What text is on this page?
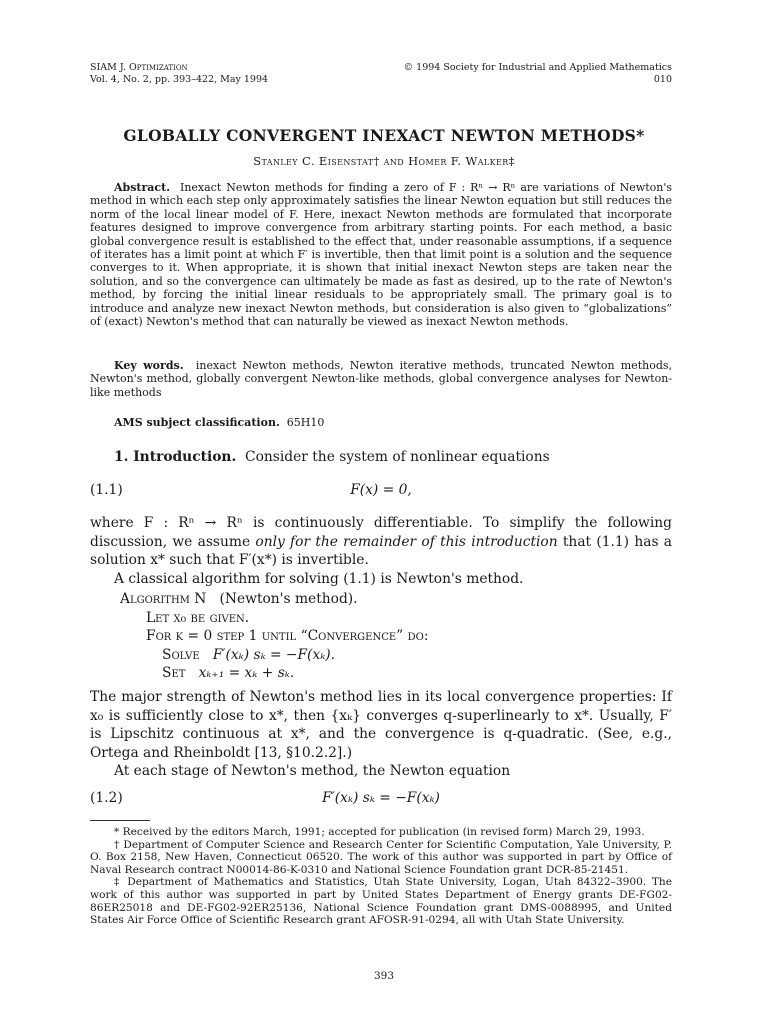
SIAM J. Optimization
Vol. 4, No. 2, pp. 393–422, May 1994
© 1994 Society for Industrial and Applied Mathematics
010
GLOBALLY CONVERGENT INEXACT NEWTON METHODS*
Stanley C. Eisenstat† and Homer F. Walker‡

Abstract. Inexact Newton methods for finding a zero of F : Rⁿ → Rⁿ are variations of Newton's method in which each step only approximately satisfies the linear Newton equation but still reduces the norm of the local linear model of F. Here, inexact Newton methods are formulated that incorporate features designed to improve convergence from arbitrary starting points. For each method, a basic global convergence result is established to the effect that, under reasonable assumptions, if a sequence of iterates has a limit point at which F′ is invertible, then that limit point is a solution and the sequence converges to it. When appropriate, it is shown that initial inexact Newton steps are taken near the solution, and so the convergence can ultimately be made as fast as desired, up to the rate of Newton's method, by forcing the initial linear residuals to be appropriately small. The primary goal is to introduce and analyze new inexact Newton methods, but consideration is also given to “globalizations” of (exact) Newton's method that can naturally be viewed as inexact Newton methods.

Key words. inexact Newton methods, Newton iterative methods, truncated Newton methods, Newton's method, globally convergent Newton-like methods, global convergence analyses for Newton-like methods

AMS subject classification. 65H10

1. Introduction. Consider the system of nonlinear equations

(1.1)	F(x) = 0,

where F : Rⁿ → Rⁿ is continuously differentiable. To simplify the following discussion, we assume only for the remainder of this introduction that (1.1) has a solution x* such that F′(x*) is invertible.

A classical algorithm for solving (1.1) is Newton's method.

Algorithm N (Newton's method).
Let x₀ be given.
For k = 0 step 1 until “Convergence” do:
Solve F′(xₖ) sₖ = −F(xₖ).
Set xₖ₊₁ = xₖ + sₖ.

The major strength of Newton's method lies in its local convergence properties: If x₀ is sufficiently close to x*, then {xₖ} converges q-superlinearly to x*. Usually, F′ is Lipschitz continuous at x*, and the convergence is q-quadratic. (See, e.g., Ortega and Rheinboldt [13, §10.2.2].)

At each stage of Newton's method, the Newton equation

(1.2)	F′(xₖ) sₖ = −F(xₖ)

* Received by the editors March, 1991; accepted for publication (in revised form) March 29, 1993.

† Department of Computer Science and Research Center for Scientific Computation, Yale University, P. O. Box 2158, New Haven, Connecticut 06520. The work of this author was supported in part by Office of Naval Research contract N00014-86-K-0310 and National Science Foundation grant DCR-85-21451.

‡ Department of Mathematics and Statistics, Utah State University, Logan, Utah 84322–3900. The work of this author was supported in part by United States Department of Energy grants DE-FG02-86ER25018 and DE-FG02-92ER25136, National Science Foundation grant DMS-0088995, and United States Air Force Office of Scientific Research grant AFOSR-91-0294, all with Utah State University.

393
